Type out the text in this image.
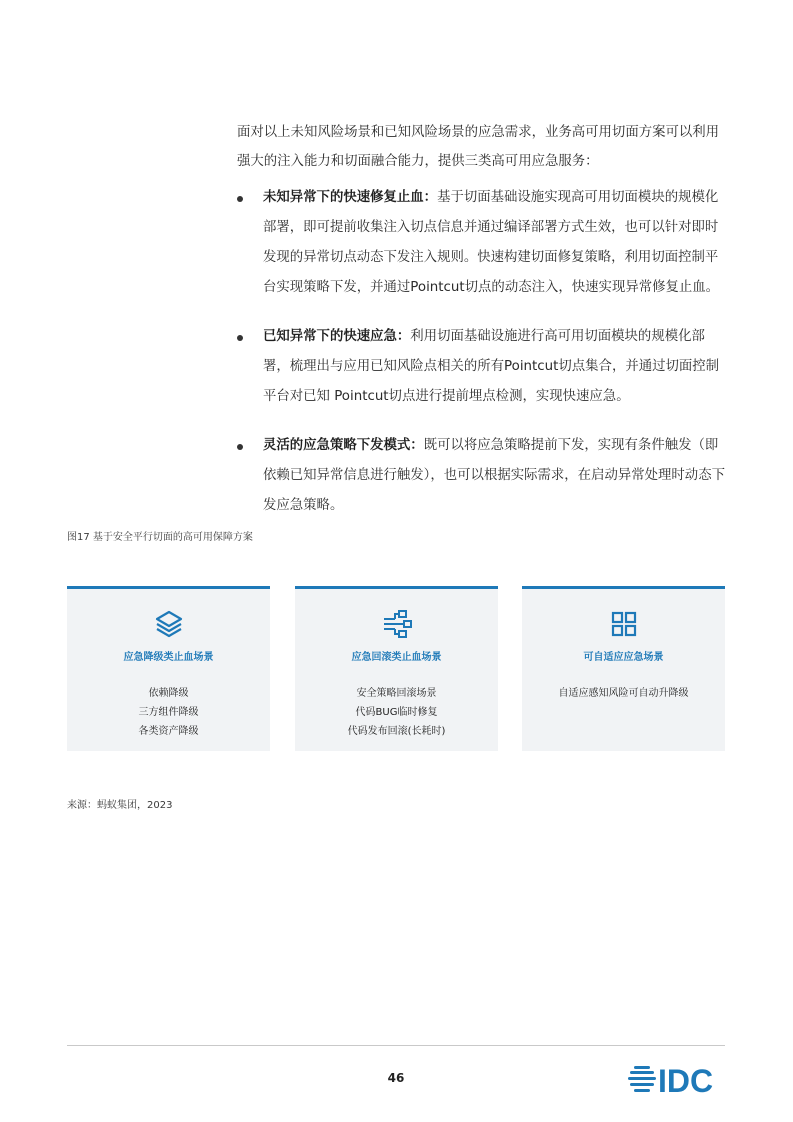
面对以上未知风险场景和已知风险场景的应急需求，业务高可用切面方案可以利用强大的注入能力和切面融合能力，提供三类高可用应急服务：

未知异常下的快速修复止血：基于切面基础设施实现高可用切面模块的规模化部署，即可提前收集注入切点信息并通过编译部署方式生效，也可以针对即时发现的异常切点动态下发注入规则。快速构建切面修复策略，利用切面控制平台实现策略下发，并通过Pointcut切点的动态注入，快速实现异常修复止血。
已知异常下的快速应急：利用切面基础设施进行高可用切面模块的规模化部署，梳理出与应用已知风险点相关的所有Pointcut切点集合，并通过切面控制平台对已知 Pointcut切点进行提前埋点检测，实现快速应急。
灵活的应急策略下发模式：既可以将应急策略提前下发，实现有条件触发（即依赖已知异常信息进行触发），也可以根据实际需求，在启动异常处理时动态下发应急策略。
图17 基于安全平行切面的高可用保障方案
应急降级类止血场景
依赖降级
三方组件降级
各类资产降级
应急回滚类止血场景
安全策略回滚场景
代码BUG临时修复
代码发布回滚(长耗时)
可自适应应急场景
自适应感知风险可自动升降级
来源：蚂蚁集团，2023
46	IDC
